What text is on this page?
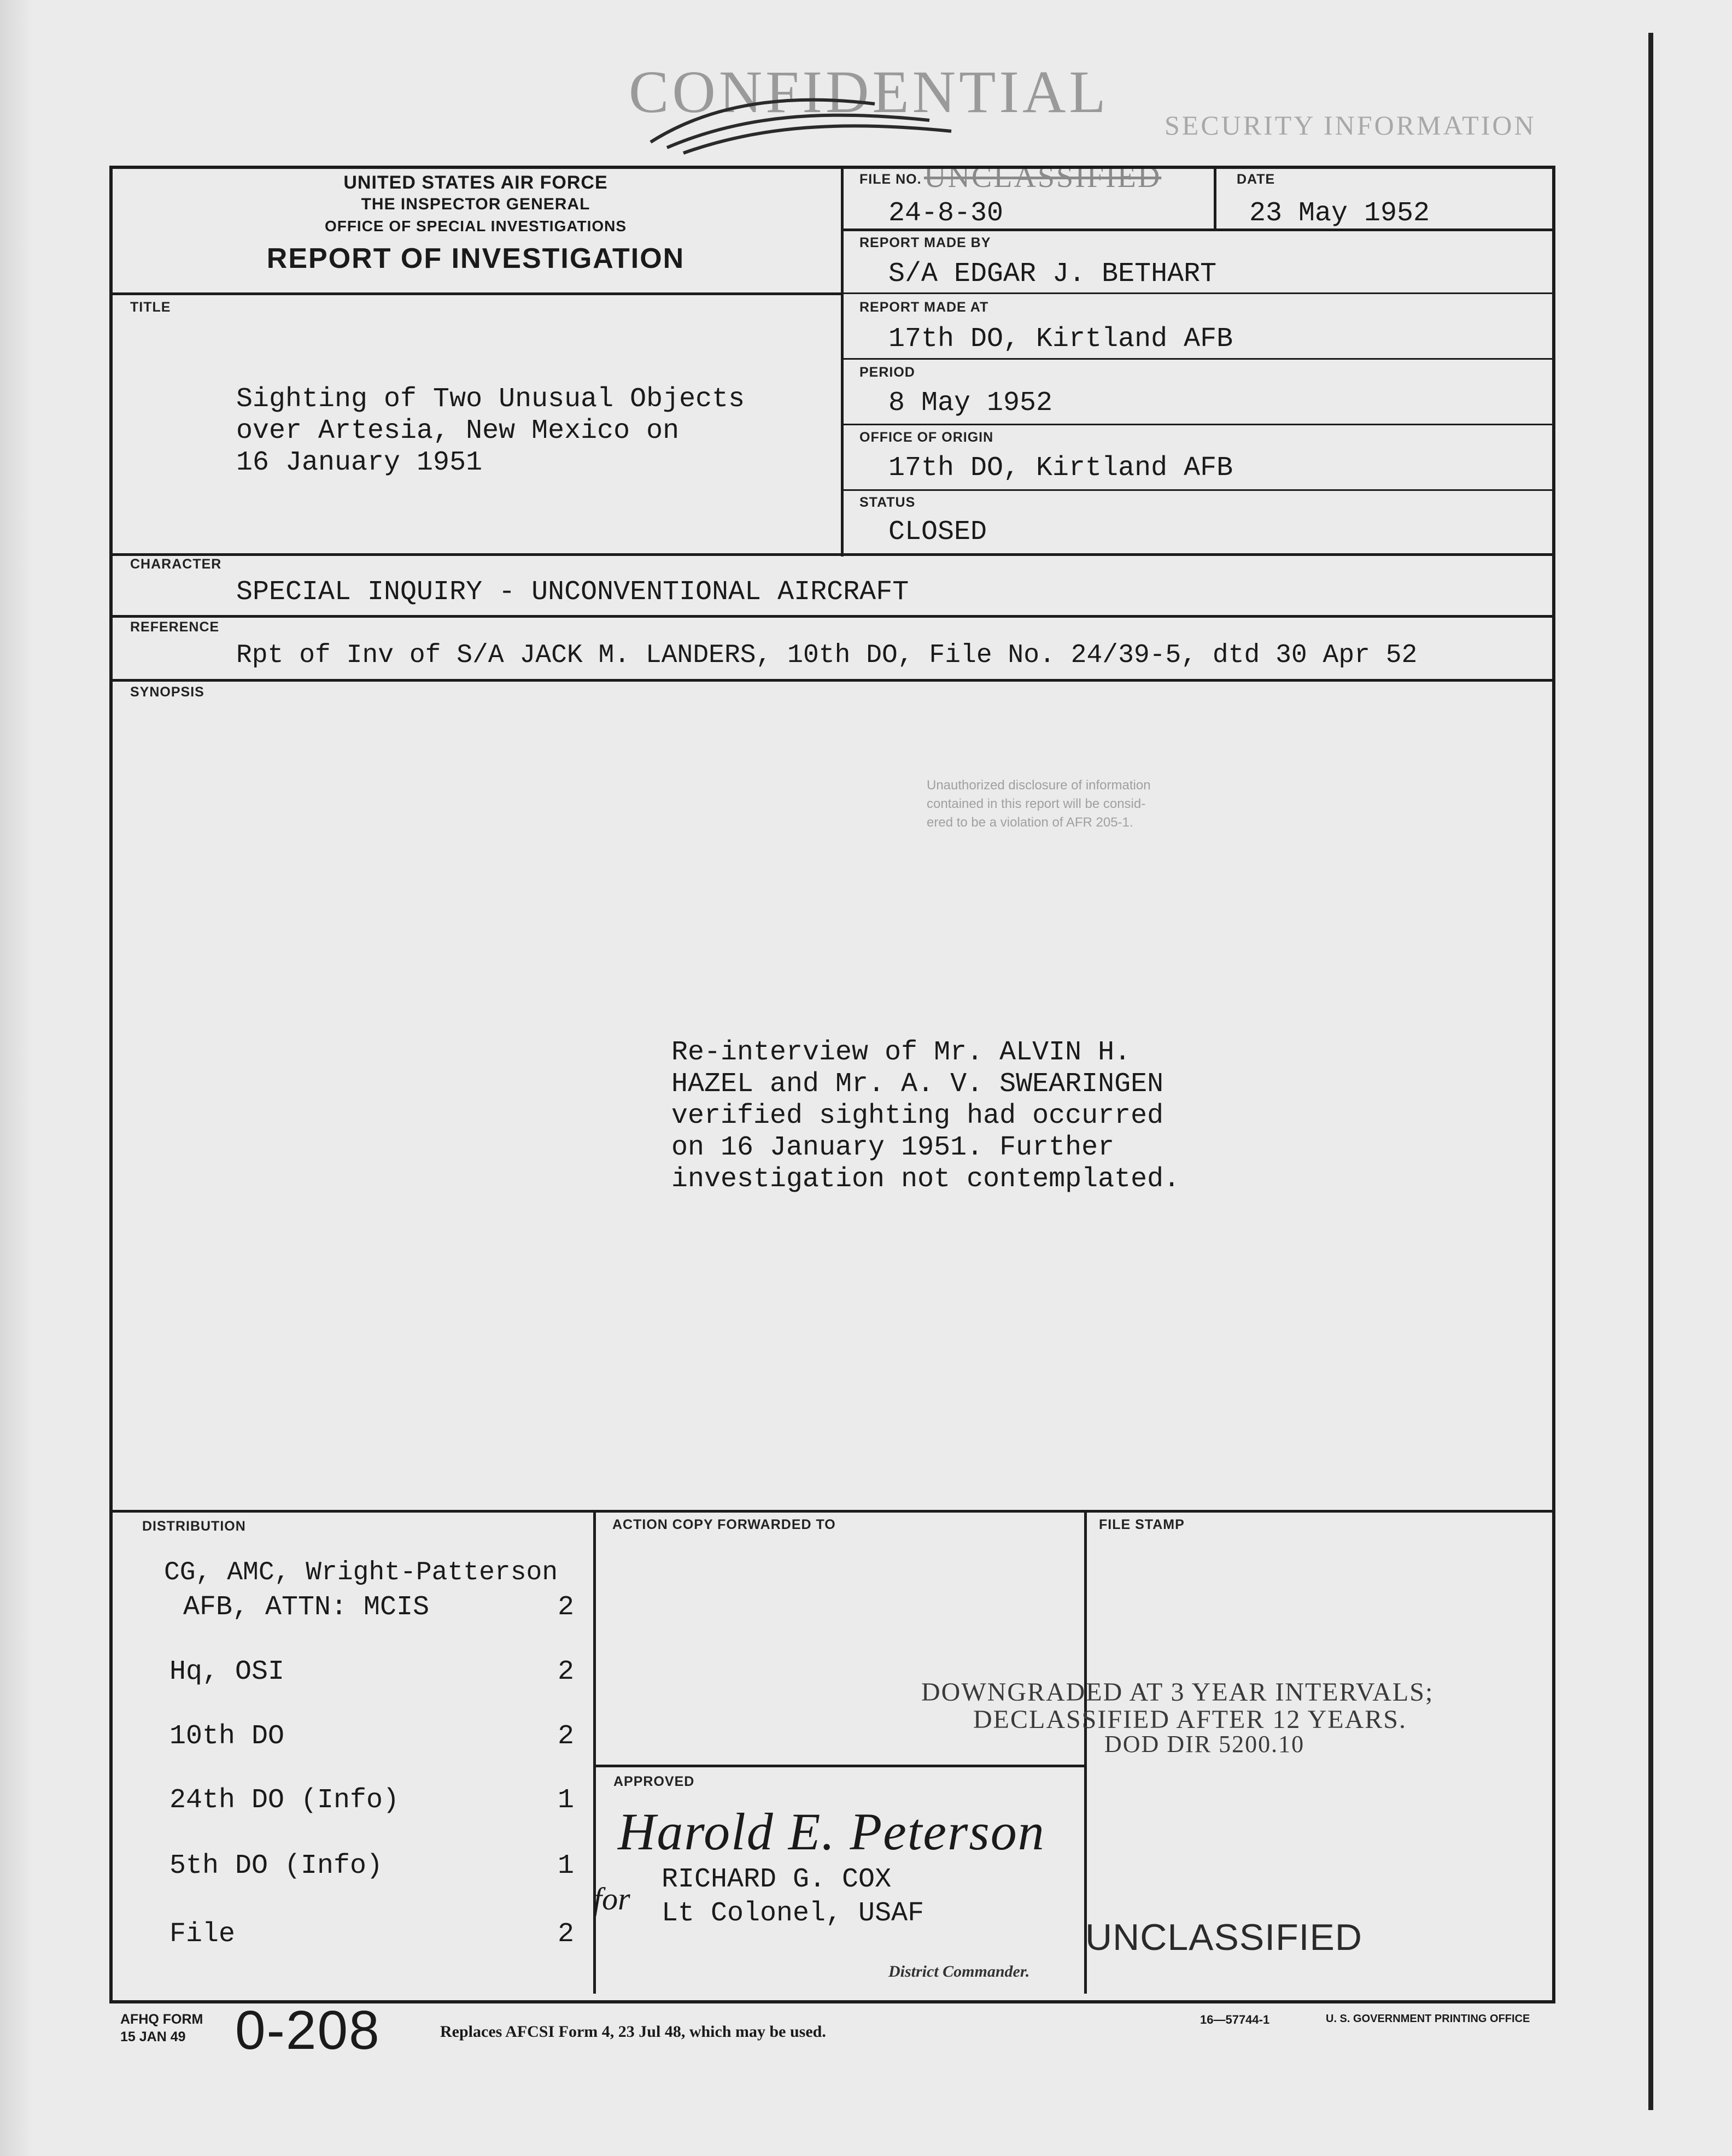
CONFIDENTIAL SECURITY INFORMATION
UNCLASSIFIED
UNITED STATES AIR FORCE
THE INSPECTOR GENERAL
OFFICE OF SPECIAL INVESTIGATIONS
REPORT OF INVESTIGATION
FILE NO.
24-8-30
DATE
23 May 1952
REPORT MADE BY
S/A EDGAR J. BETHART
REPORT MADE AT
17th DO, Kirtland AFB
PERIOD
8 May 1952
OFFICE OF ORIGIN
17th DO, Kirtland AFB
STATUS
CLOSED
TITLE
Sighting of Two Unusual Objects
over Artesia, New Mexico on
16 January 1951
CHARACTER
SPECIAL INQUIRY - UNCONVENTIONAL AIRCRAFT
REFERENCE
Rpt of Inv of S/A JACK M. LANDERS, 10th DO, File No. 24/39-5, dtd 30 Apr 52
SYNOPSIS
Unauthorized disclosure of information
contained in this report will be consid-
ered to be a violation of AFR 205-1.
Re-interview of Mr. ALVIN H.
HAZEL and Mr. A. V. SWEARINGEN
verified sighting had occurred
on 16 January 1951. Further
investigation not contemplated.
DISTRIBUTION
CG, AMC, Wright-Patterson
AFB, ATTN: MCIS	2
Hq, OSI	2
10th DO	2
24th DO (Info)	1
5th DO (Info)	1
File	2
ACTION COPY FORWARDED TO	FILE STAMP
DOWNGRADED AT 3 YEAR INTERVALS;
DECLASSIFIED AFTER 12 YEARS.
DOD DIR 5200.10
UNCLASSIFIED
APPROVED
Harold E. Peterson
for
RICHARD G. COX
Lt Colonel, USAF
District Commander.
AFHQ FORM
15 JAN 49 0-208	Replaces AFCSI Form 4, 23 Jul 48, which may be used.
16—57744-1	U. S. GOVERNMENT PRINTING OFFICE
